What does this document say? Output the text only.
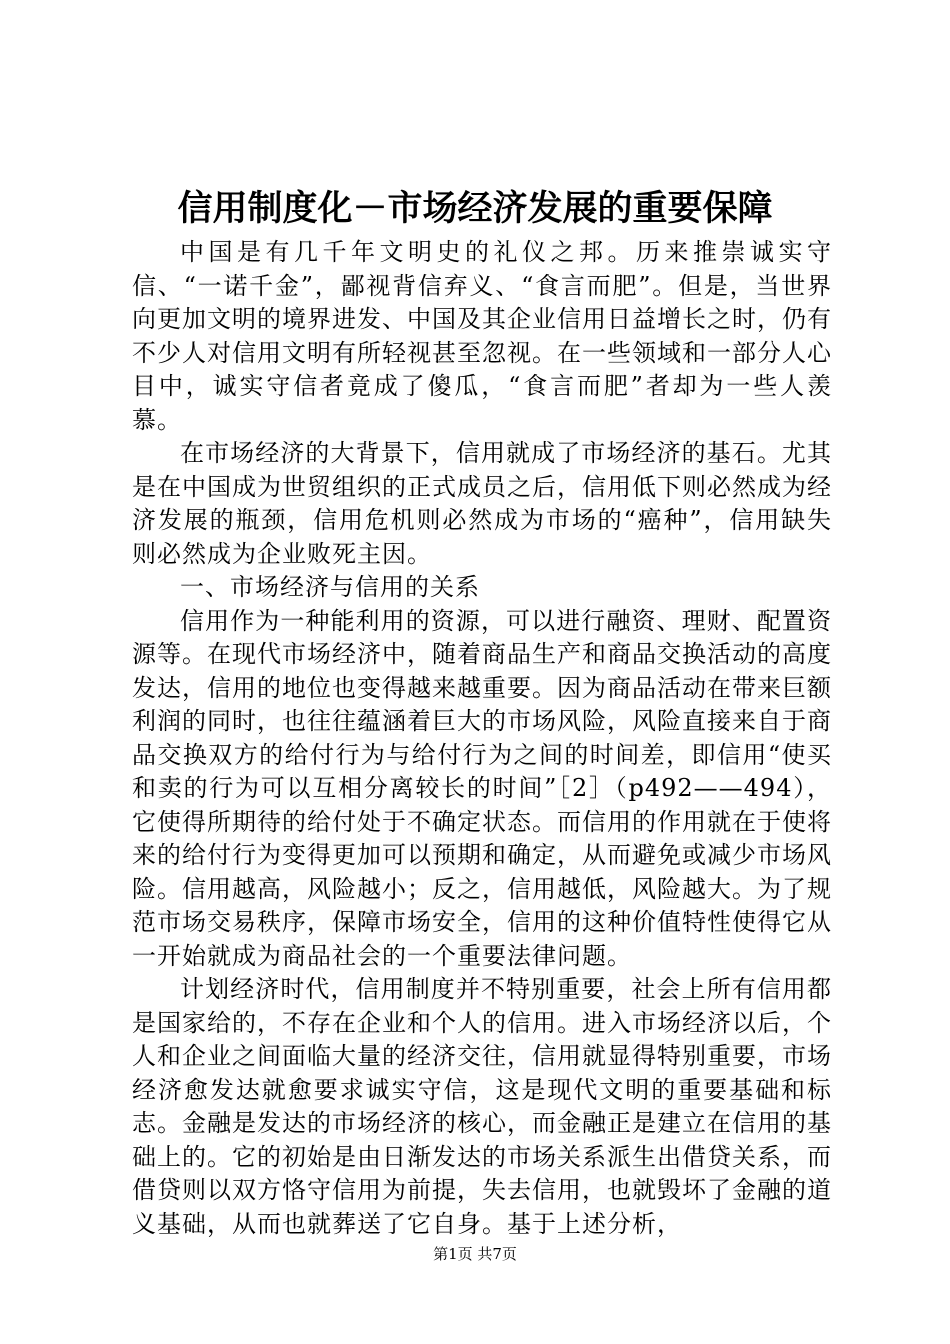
信用制度化－市场经济发展的重要保障

中国是有几千年文明史的礼仪之邦。历来推崇诚实守信、“一诺千金”，鄙视背信弃义、“食言而肥”。但是，当世界向更加文明的境界进发、中国及其企业信用日益增长之时，仍有不少人对信用文明有所轻视甚至忽视。在一些领域和一部分人心目中，诚实守信者竟成了傻瓜，“食言而肥”者却为一些人羡慕。

在市场经济的大背景下，信用就成了市场经济的基石。尤其是在中国成为世贸组织的正式成员之后，信用低下则必然成为经济发展的瓶颈，信用危机则必然成为市场的“癌种”，信用缺失则必然成为企业败死主因。

一、市场经济与信用的关系

信用作为一种能利用的资源，可以进行融资、理财、配置资源等。在现代市场经济中，随着商品生产和商品交换活动的高度发达，信用的地位也变得越来越重要。因为商品活动在带来巨额利润的同时，也往往蕴涵着巨大的市场风险，风险直接来自于商品交换双方的给付行为与给付行为之间的时间差，即信用“使买和卖的行为可以互相分离较长的时间”［2］（p492——494），它使得所期待的给付处于不确定状态。而信用的作用就在于使将来的给付行为变得更加可以预期和确定，从而避免或减少市场风险。信用越高，风险越小；反之，信用越低，风险越大。为了规范市场交易秩序，保障市场安全，信用的这种价值特性使得它从一开始就成为商品社会的一个重要法律问题。

计划经济时代，信用制度并不特别重要，社会上所有信用都是国家给的，不存在企业和个人的信用。进入市场经济以后，个人和企业之间面临大量的经济交往，信用就显得特别重要，市场经济愈发达就愈要求诚实守信，这是现代文明的重要基础和标志。金融是发达的市场经济的核心，而金融正是建立在信用的基础上的。它的初始是由日渐发达的市场关系派生出借贷关系，而借贷则以双方恪守信用为前提，失去信用，也就毁坏了金融的道义基础，从而也就葬送了它自身。基于上述分析，

第1页 共7页
